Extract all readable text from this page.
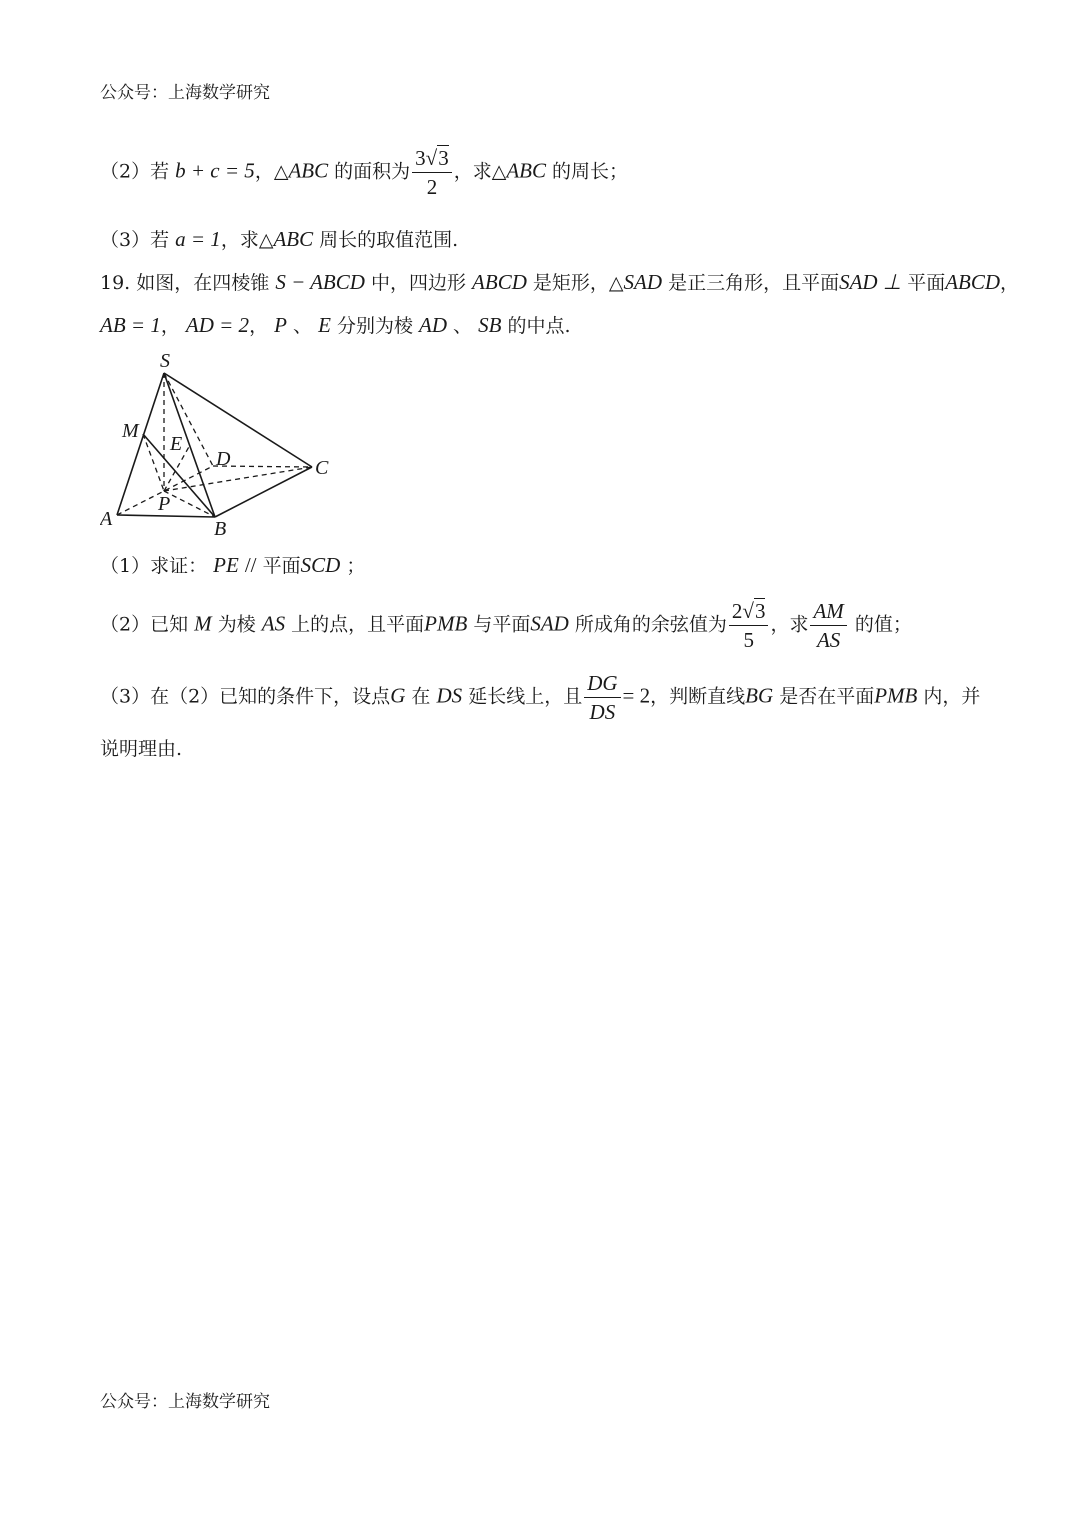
公众号：上海数学研究
（2）若 b + c = 5，△ABC 的面积为 $\frac{3√3}{2}$ ，求△ABC 的周长；
（3）若 a = 1，求△ABC 周长的取值范围.
19. 如图，在四棱锥 S − ABCD 中，四边形 ABCD 是矩形，△SAD 是正三角形，且平面SAD ⊥ 平面ABCD，
AB = 1， AD = 2， P 、 E 分别为棱 AD 、 SB 的中点.
S
M
E
D	C
P
A	B
（1）求证： PE // 平面SCD ；
（2）已知 M 为棱 AS 上的点，且平面PMB 与平面SAD 所成角的余弦值为 $\frac{2√3}{5}$ ，求 $\frac{AM}{AS}$ 的值；
（3）在（2）已知的条件下，设点G 在 DS 延长线上，且 $\frac{DG}{DS} = 2$，判断直线BG 是否在平面PMB 内，并
说明理由.
公众号：上海数学研究
